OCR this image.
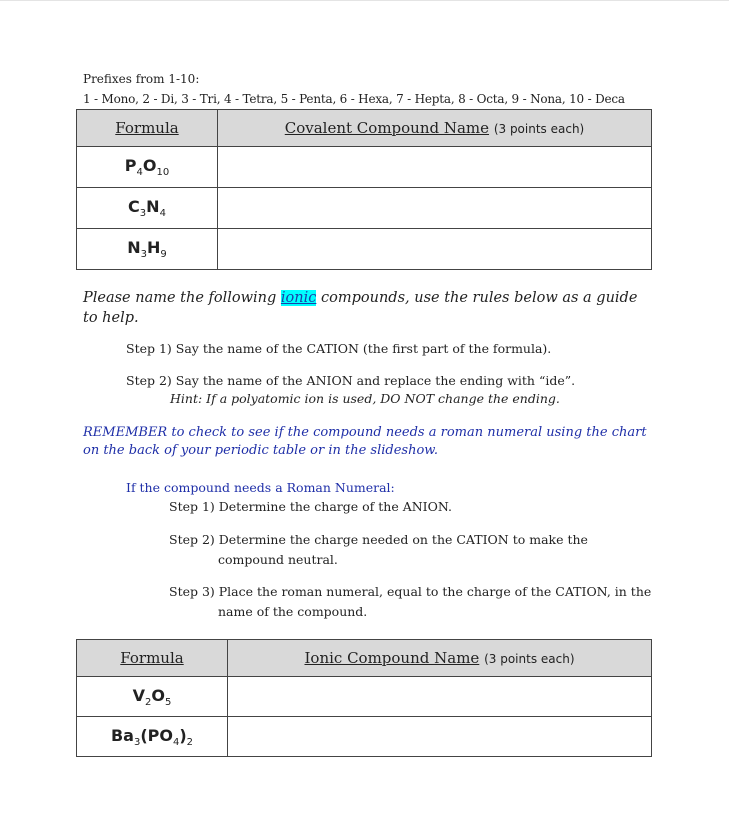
Prefixes from 1-10:
1 - Mono, 2 - Di, 3 - Tri, 4 - Tetra, 5 - Penta, 6 - Hexa, 7 - Hepta, 8 - Octa, 9 - Nona, 10 - Deca
Formula	Covalent Compound Name (3 points each)
$P_4O_{10}$	
$C_3N_4$	
$N_3H_9$	
Please name the following ionic compounds, use the rules below as a guide to help.
Step 1) Say the name of the CATION (the first part of the formula).
Step 2) Say the name of the ANION and replace the ending with “ide”.
Hint: If a polyatomic ion is used, DO NOT change the ending.
REMEMBER to check to see if the compound needs a roman numeral using the chart on the back of your periodic table or in the slideshow.
If the compound needs a Roman Numeral:
Step 1) Determine the charge of the ANION.
Step 2) Determine the charge needed on the CATION to make the
compound neutral.
Step 3) Place the roman numeral, equal to the charge of the CATION, in the
name of the compound.
Formula	Ionic Compound Name (3 points each)
$V_2O_5$	
$Ba_3(PO_4)_2$	
